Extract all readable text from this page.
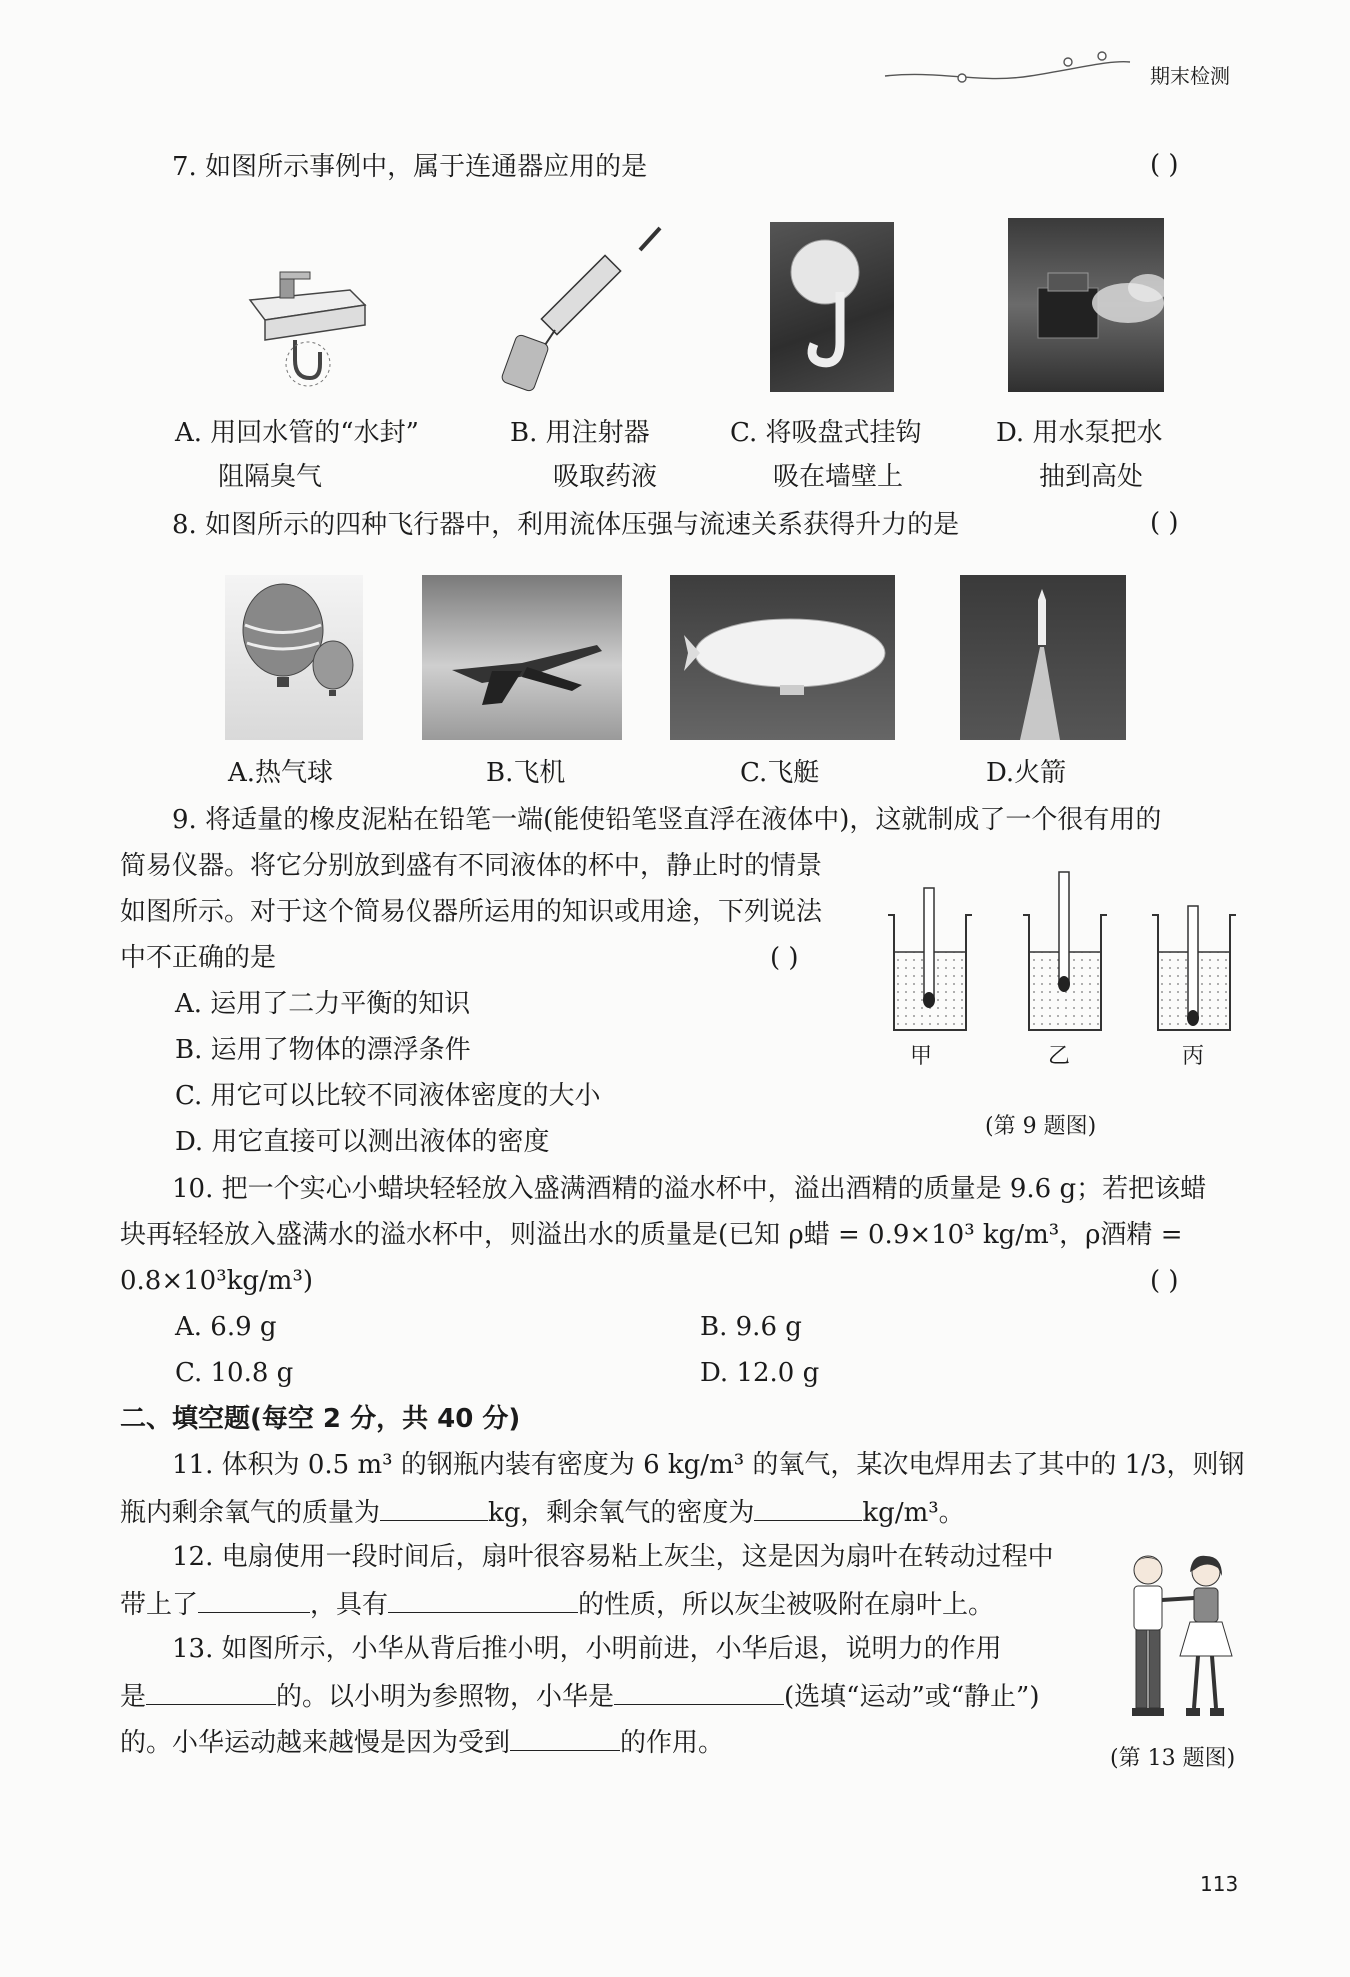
期末检测
7. 如图所示事例中，属于连通器应用的是	( )
A. 用回水管的“水封”
阻隔臭气
B. 用注射器
吸取药液
C. 将吸盘式挂钩
吸在墙壁上
D. 用水泵把水
抽到高处
8. 如图所示的四种飞行器中，利用流体压强与流速关系获得升力的是	( )
A.热气球	B.飞机	C.飞艇	D.火箭
9. 将适量的橡皮泥粘在铅笔一端(能使铅笔竖直浮在液体中)，这就制成了一个很有用的
简易仪器。将它分别放到盛有不同液体的杯中，静止时的情景
如图所示。对于这个简易仪器所运用的知识或用途，下列说法
中不正确的是	( )
A. 运用了二力平衡的知识
B. 运用了物体的漂浮条件
C. 用它可以比较不同液体密度的大小
D. 用它直接可以测出液体的密度
甲	乙	丙
(第 9 题图)
10. 把一个实心小蜡块轻轻放入盛满酒精的溢水杯中，溢出酒精的质量是 9.6 g；若把该蜡
块再轻轻放入盛满水的溢水杯中，则溢出水的质量是(已知 ρ蜡 = 0.9×10³ kg/m³，ρ酒精 =
0.8×10³kg/m³)	( )
A. 6.9 g	B. 9.6 g
C. 10.8 g	D. 12.0 g
二、填空题(每空 2 分，共 40 分)
11. 体积为 0.5 m³ 的钢瓶内装有密度为 6 kg/m³ 的氧气，某次电焊用去了其中的 1/3，则钢
瓶内剩余氧气的质量为	kg，剩余氧气的密度为	kg/m³。
12. 电扇使用一段时间后，扇叶很容易粘上灰尘，这是因为扇叶在转动过程中
带上了	，具有	的性质，所以灰尘被吸附在扇叶上。
13. 如图所示，小华从背后推小明，小明前进，小华后退，说明力的作用
是	的。以小明为参照物，小华是	(选填“运动”或“静止”)
的。小华运动越来越慢是因为受到	的作用。
(第 13 题图)
113
